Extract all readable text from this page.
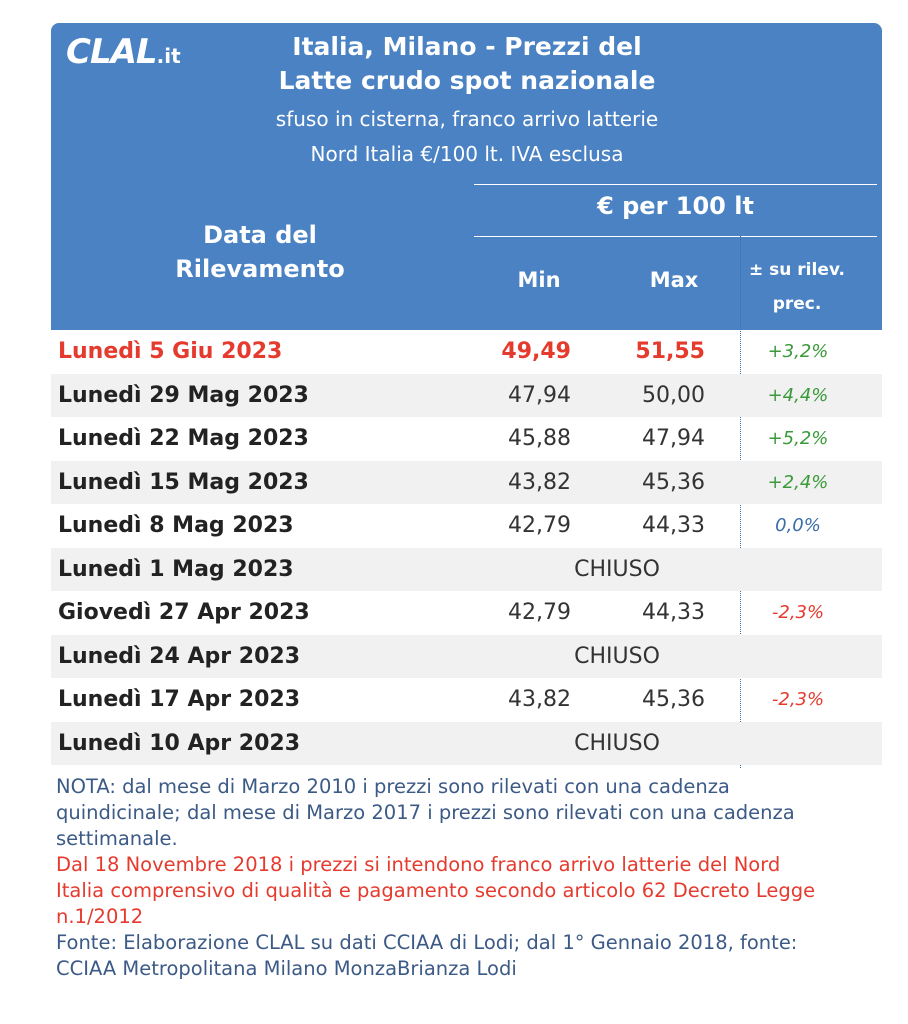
CLAL.it	Italia, Milano - Prezzi del
Latte crudo spot nazionale
sfuso in cisterna, franco arrivo latterie
Nord Italia €/100 lt. IVA esclusa
Data del
Rilevamento
€ per 100 lt
Min	Max	± su rilev.
prec.
Lunedì 5 Giu 2023	49,49	51,55	+3,2%
Lunedì 29 Mag 2023	47,94	50,00	+4,4%
Lunedì 22 Mag 2023	45,88	47,94	+5,2%
Lunedì 15 Mag 2023	43,82	45,36	+2,4%
Lunedì 8 Mag 2023	42,79	44,33	0,0%
Lunedì 1 Mag 2023	CHIUSO
Giovedì 27 Apr 2023	42,79	44,33	-2,3%
Lunedì 24 Apr 2023	CHIUSO
Lunedì 17 Apr 2023	43,82	45,36	-2,3%
Lunedì 10 Apr 2023	CHIUSO

NOTA: dal mese di Marzo 2010 i prezzi sono rilevati con una cadenza
quindicinale; dal mese di Marzo 2017 i prezzi sono rilevati con una cadenza
settimanale.

Dal 18 Novembre 2018 i prezzi si intendono franco arrivo latterie del Nord
Italia comprensivo di qualità e pagamento secondo articolo 62 Decreto Legge
n.1/2012

Fonte: Elaborazione CLAL su dati CCIAA di Lodi; dal 1° Gennaio 2018, fonte:
CCIAA Metropolitana Milano MonzaBrianza Lodi
